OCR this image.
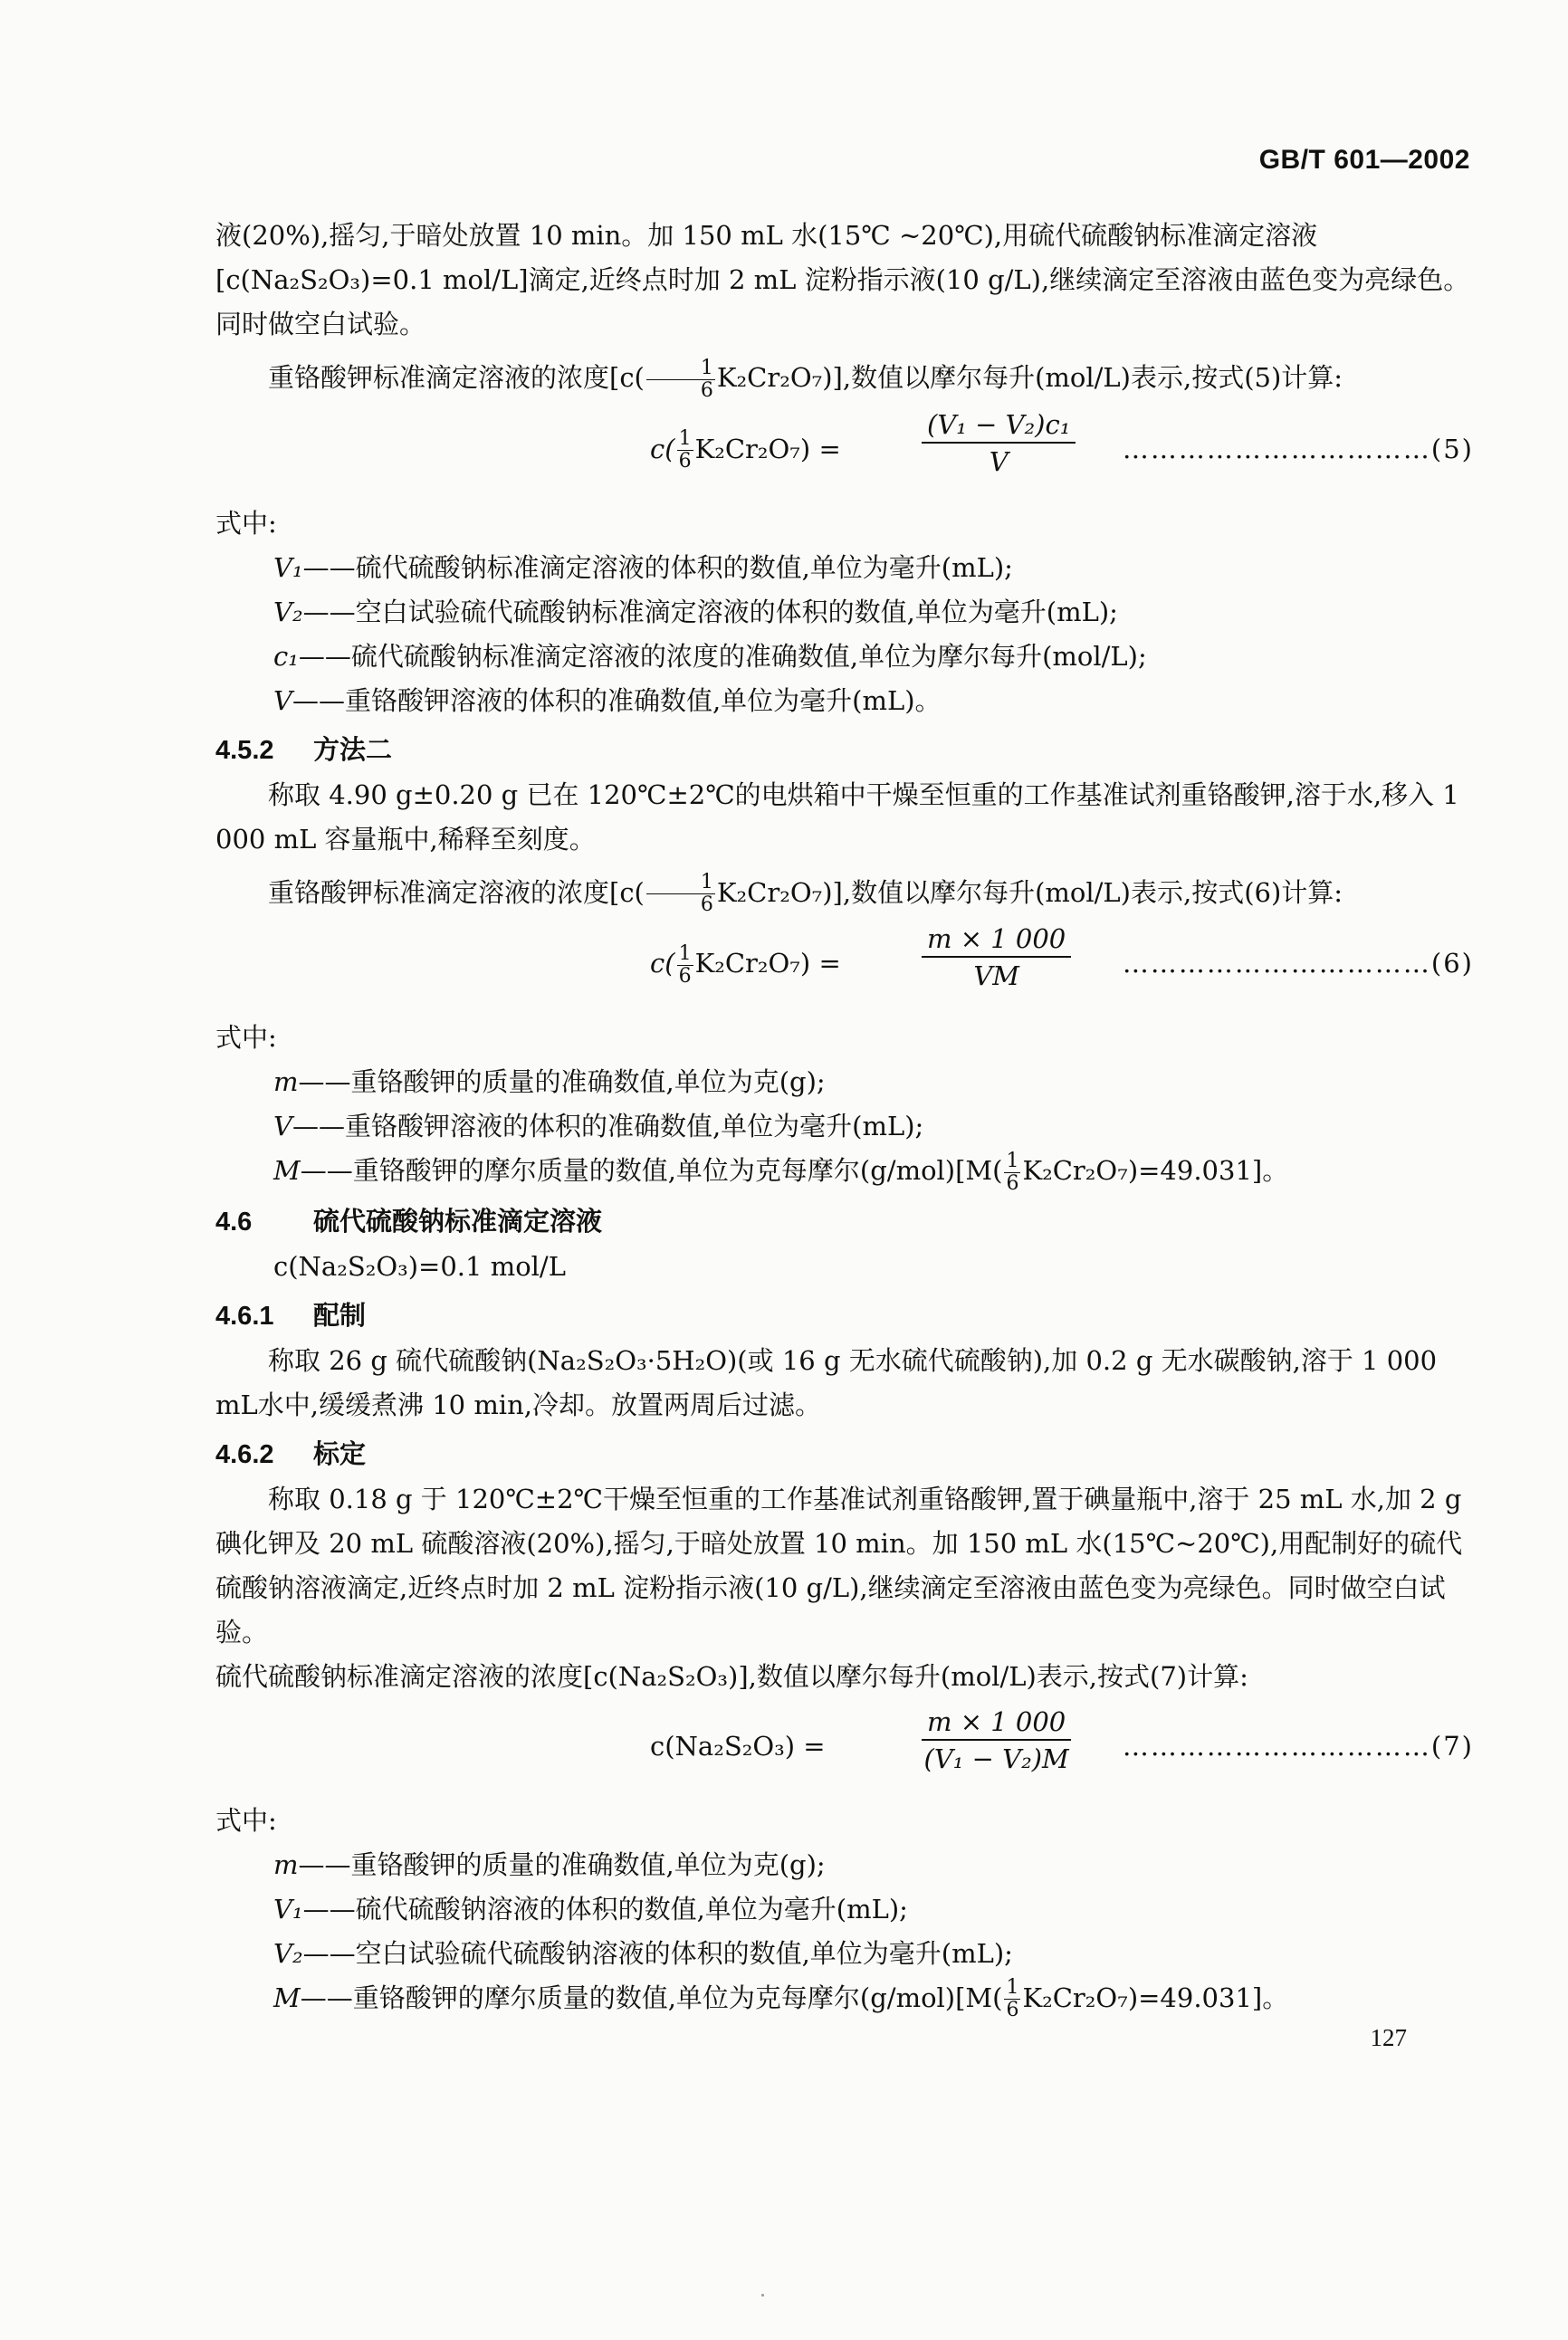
GB/T 601—2002

液(20%),摇匀,于暗处放置 10 min。加 150 mL 水(15℃ ~20℃),用硫代硫酸钠标准滴定溶液[c(Na₂S₂O₃)=0.1 mol/L]滴定,近终点时加 2 mL 淀粉指示液(10 g/L),继续滴定至溶液由蓝色变为亮绿色。同时做空白试验。

重铬酸钾标准滴定溶液的浓度$[c( \frac{1}{6} K_2Cr_2O_7)]$,数值以摩尔每升(mol/L)表示,按式(5)计算:

$c( \frac{1}{6} K_2Cr_2O_7)$ =	$\frac{\text{(V₁ − V₂)c₁}}{V}$ ……………………………(5)

式中:

V₁——硫代硫酸钠标准滴定溶液的体积的数值,单位为毫升(mL);

V₂——空白试验硫代硫酸钠标准滴定溶液的体积的数值,单位为毫升(mL);

c₁——硫代硫酸钠标准滴定溶液的浓度的准确数值,单位为摩尔每升(mol/L);

V——重铬酸钾溶液的体积的准确数值,单位为毫升(mL)。

4.5.2 方法二

称取 4.90 g±0.20 g 已在 120℃±2℃的电烘箱中干燥至恒重的工作基准试剂重铬酸钾,溶于水,移入 1 000 mL 容量瓶中,稀释至刻度。

重铬酸钾标准滴定溶液的浓度$[c( \frac{1}{6} K_2Cr_2O_7)]$,数值以摩尔每升(mol/L)表示,按式(6)计算:

$c( \frac{1}{6} K_2Cr_2O_7)$ =	$\frac{m \times 1 000}{VM}$ ……………………………(6)

式中:

m——重铬酸钾的质量的准确数值,单位为克(g);

V——重铬酸钾溶液的体积的准确数值,单位为毫升(mL);

M——重铬酸钾的摩尔质量的数值,单位为克每摩尔$(g/mol)[M( \frac{1}{6} K_2Cr_2O_7)=49.031]$。

4.6 硫代硫酸钠标准滴定溶液

c(Na₂S₂O₃)=0.1 mol/L

4.6.1 配制

称取 26 g 硫代硫酸钠(Na₂S₂O₃·5H₂O)(或 16 g 无水硫代硫酸钠),加 0.2 g 无水碳酸钠,溶于 1 000 mL水中,缓缓煮沸 10 min,冷却。放置两周后过滤。

4.6.2 标定

称取 0.18 g 于 120℃±2℃干燥至恒重的工作基准试剂重铬酸钾,置于碘量瓶中,溶于 25 mL 水,加 2 g 碘化钾及 20 mL 硫酸溶液(20%),摇匀,于暗处放置 10 min。加 150 mL 水(15℃~20℃),用配制好的硫代硫酸钠溶液滴定,近终点时加 2 mL 淀粉指示液(10 g/L),继续滴定至溶液由蓝色变为亮绿色。同时做空白试验。

硫代硫酸钠标准滴定溶液的浓度[c(Na₂S₂O₃)],数值以摩尔每升(mol/L)表示,按式(7)计算:

c(Na₂S₂O₃) =	$\frac{m \times 1 000}{\text{(V₁ − V₂)M}}$ ……………………………(7)

式中:

m——重铬酸钾的质量的准确数值,单位为克(g);

V₁——硫代硫酸钠溶液的体积的数值,单位为毫升(mL);

V₂——空白试验硫代硫酸钠溶液的体积的数值,单位为毫升(mL);

M——重铬酸钾的摩尔质量的数值,单位为克每摩尔$(g/mol)[M( \frac{1}{6} K_2Cr_2O_7)=49.031]$。

127
